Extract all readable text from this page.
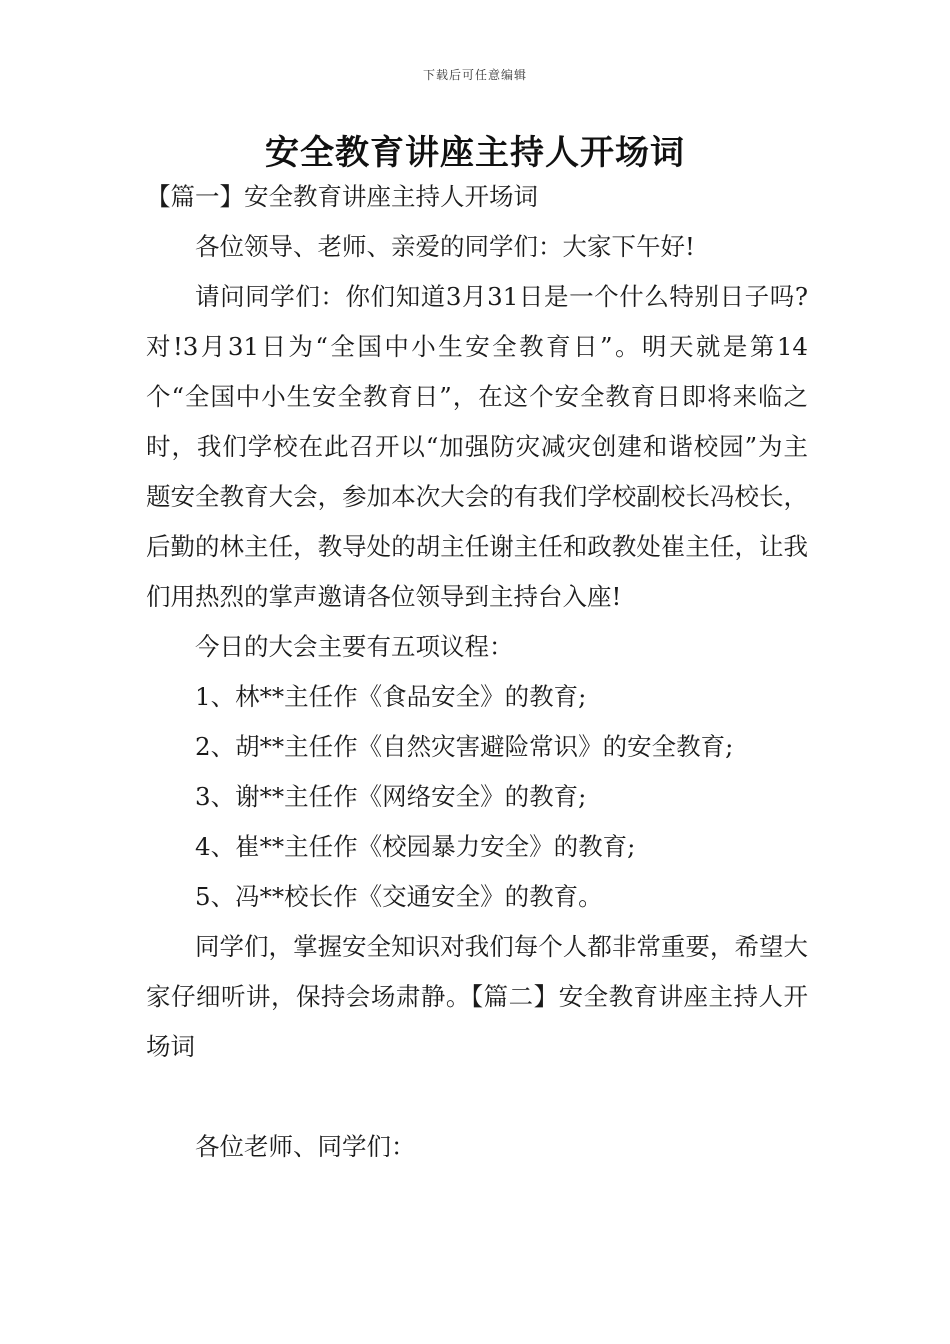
下载后可任意编辑
安全教育讲座主持人开场词

【篇一】安全教育讲座主持人开场词

各位领导、老师、亲爱的同学们：大家下午好!

请问同学们：你们知道3月31日是一个什么特别日子吗?对!3月31日为“全国中小生安全教育日”。明天就是第14个“全国中小生安全教育日”，在这个安全教育日即将来临之时，我们学校在此召开以“加强防灾减灾创建和谐校园”为主题安全教育大会，参加本次大会的有我们学校副校长冯校长，后勤的林主任，教导处的胡主任谢主任和政教处崔主任，让我们用热烈的掌声邀请各位领导到主持台入座!

今日的大会主要有五项议程：

1、林**主任作《食品安全》的教育;

2、胡**主任作《自然灾害避险常识》的安全教育;

3、谢**主任作《网络安全》的教育;

4、崔**主任作《校园暴力安全》的教育;

5、冯**校长作《交通安全》的教育。

同学们，掌握安全知识对我们每个人都非常重要，希望大家仔细听讲，保持会场肃静。【篇二】安全教育讲座主持人开场词

各位老师、同学们：
